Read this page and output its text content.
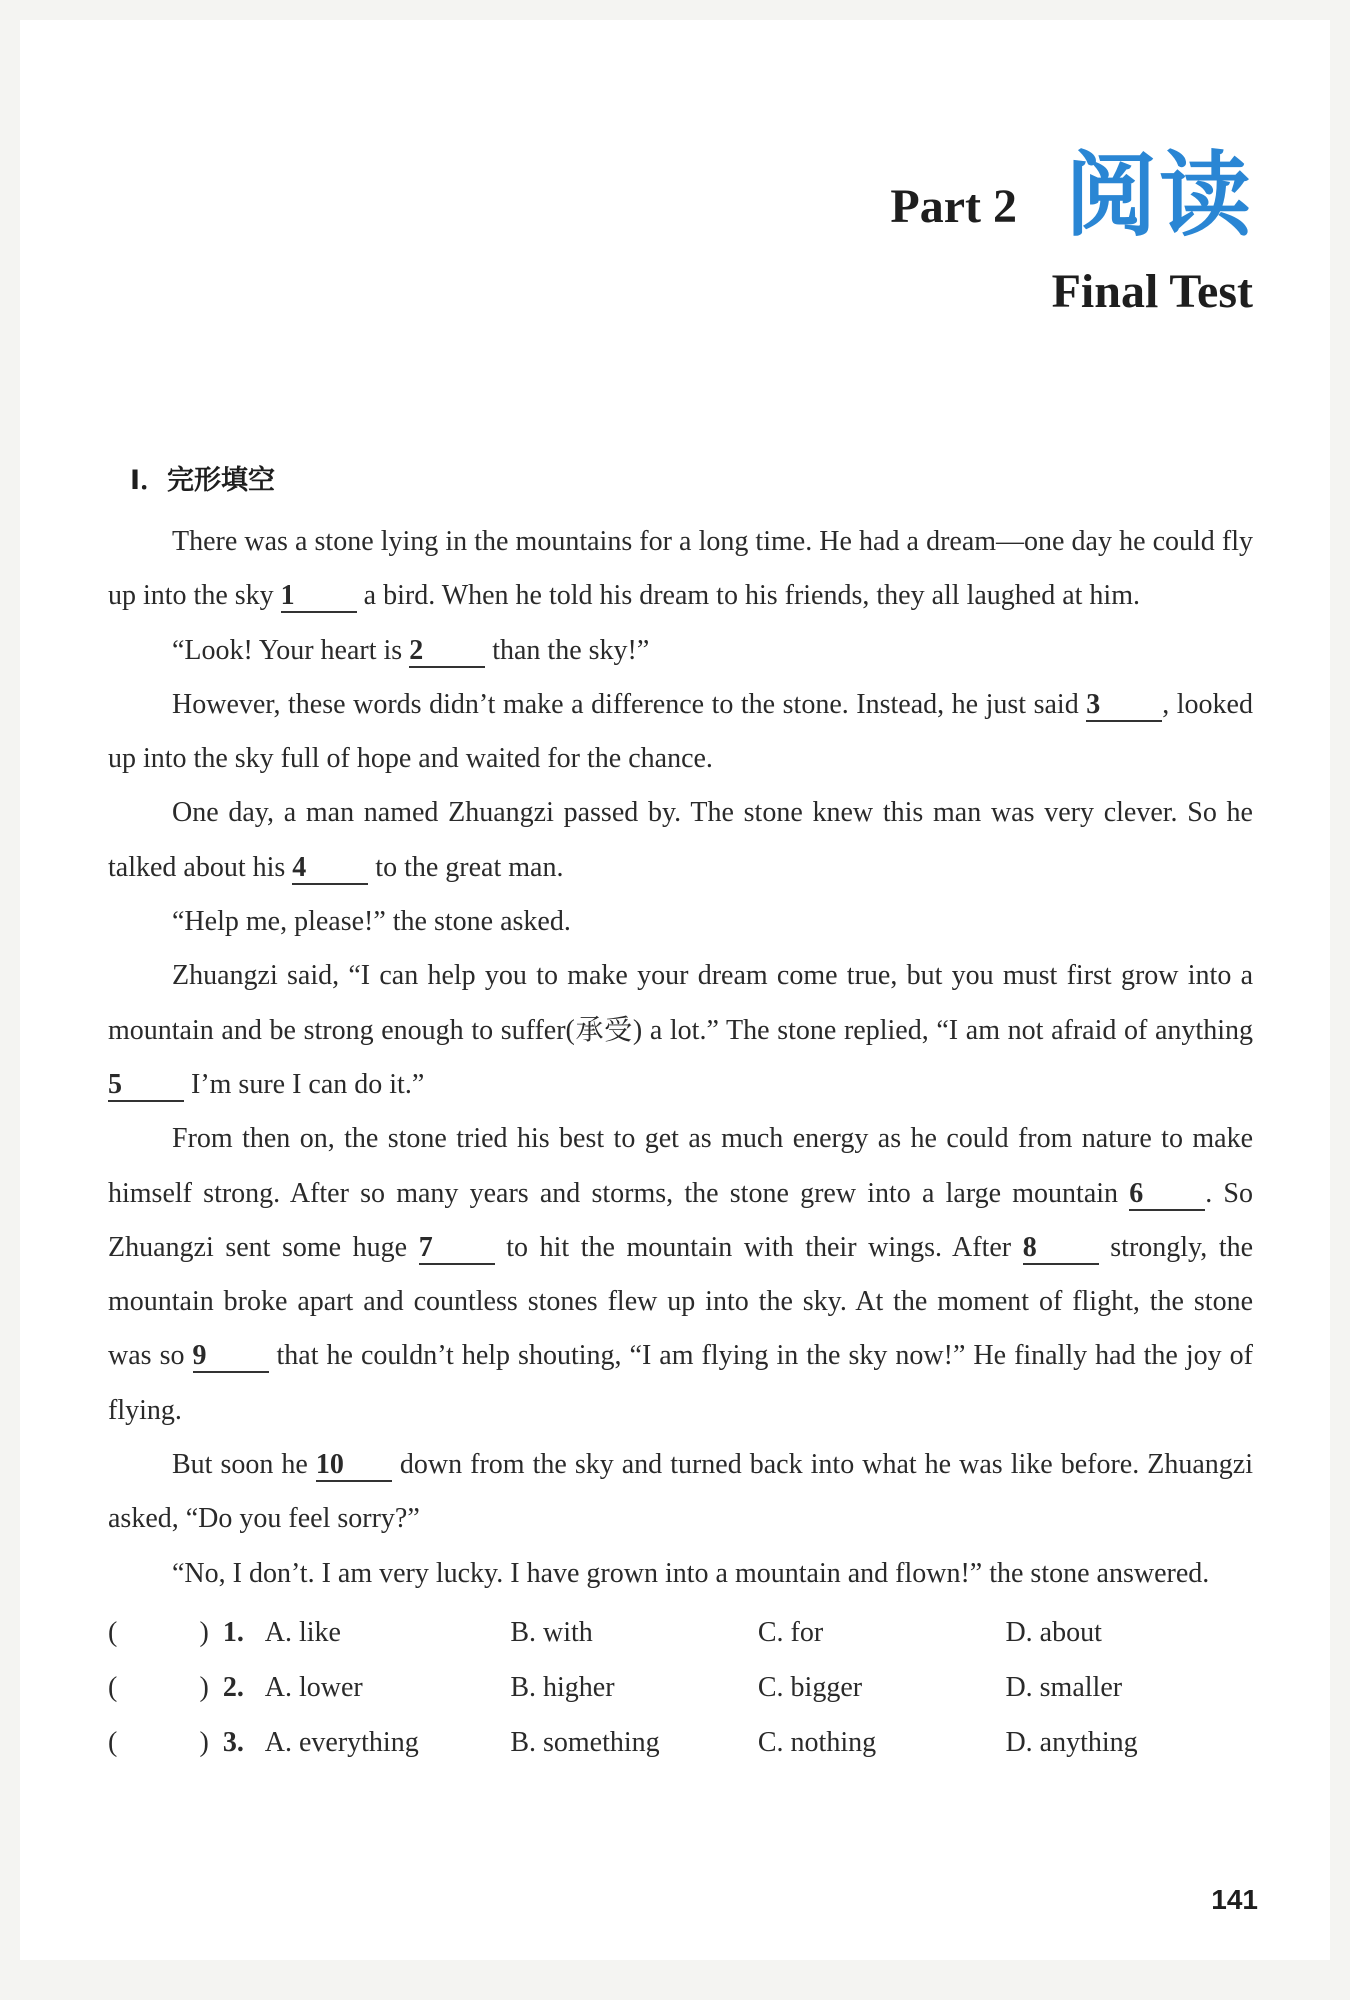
Part 2 阅读
Final Test
I．完形填空

There was a stone lying in the mountains for a long time. He had a dream—one day he could fly up into the sky 1 a bird. When he told his dream to his friends, they all laughed at him.

“Look! Your heart is 2 than the sky!”

However, these words didn’t make a difference to the stone. Instead, he just said 3 , looked up into the sky full of hope and waited for the chance.

One day, a man named Zhuangzi passed by. The stone knew this man was very clever. So he talked about his 4 to the great man.

“Help me, please!” the stone asked.

Zhuangzi said, “I can help you to make your dream come true, but you must first grow into a mountain and be strong enough to suffer(承受) a lot.” The stone replied, “I am not afraid of anything 5 I’m sure I can do it.”

From then on, the stone tried his best to get as much energy as he could from nature to make himself strong. After so many years and storms, the stone grew into a large mountain 6 . So Zhuangzi sent some huge 7 to hit the mountain with their wings. After 8 strongly, the mountain broke apart and countless stones flew up into the sky. At the moment of flight, the stone was so 9 that he couldn’t help shouting, “I am flying in the sky now!” He finally had the joy of flying.

But soon he 10 down from the sky and turned back into what he was like before. Zhuangzi asked, “Do you feel sorry?”

“No, I don’t. I am very lucky. I have grown into a mountain and flown!” the stone answered.

(	) 1. A. like	B. with	C. for	D. about
(	) 2. A. lower	B. higher	C. bigger	D. smaller
(	) 3. A. everything	B. something	C. nothing	D. anything
141
